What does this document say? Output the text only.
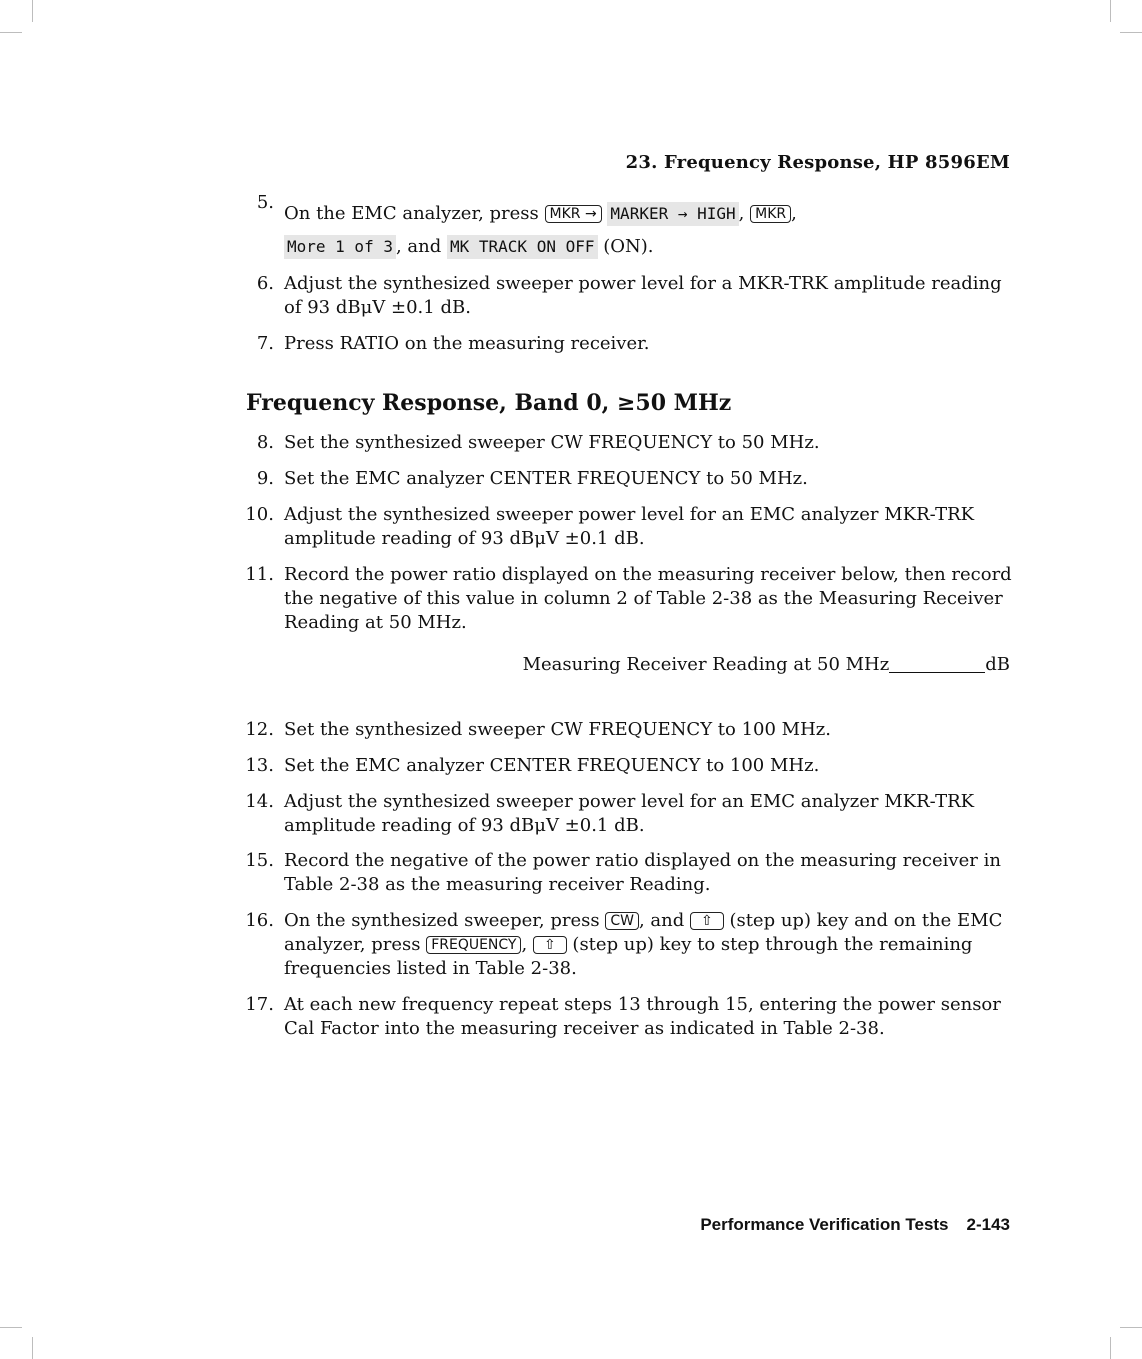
23. Frequency Response, HP 8596EM
5.
On the EMC analyzer, press MKR → MARKER → HIGH , MKR ,
More 1 of 3 , and MK TRACK ON OFF (ON).
6. Adjust the synthesized sweeper power level for a MKR-TRK amplitude reading of 93 dBμV ±0.1 dB.
7. Press RATIO on the measuring receiver.
Frequency Response, Band 0, ≥50 MHz
8. Set the synthesized sweeper CW FREQUENCY to 50 MHz.
9. Set the EMC analyzer CENTER FREQUENCY to 50 MHz.
10. Adjust the synthesized sweeper power level for an EMC analyzer MKR-TRK amplitude reading of 93 dBμV ±0.1 dB.
11. Record the power ratio displayed on the measuring receiver below, then record the negative of this value in column 2 of Table 2-38 as the Measuring Receiver Reading at 50 MHz.
Measuring Receiver Reading at 50 MHz	dB
12. Set the synthesized sweeper CW FREQUENCY to 100 MHz.
13. Set the EMC analyzer CENTER FREQUENCY to 100 MHz.
14. Adjust the synthesized sweeper power level for an EMC analyzer MKR-TRK amplitude reading of 93 dBμV ±0.1 dB.
15. Record the negative of the power ratio displayed on the measuring receiver in Table 2-38 as the measuring receiver Reading.
16. On the synthesized sweeper, press CW , and ⇧ (step up) key and on the EMC analyzer, press FREQUENCY , ⇧ (step up) key to step through the remaining frequencies listed in Table 2-38.
17. At each new frequency repeat steps 13 through 15, entering the power sensor Cal Factor into the measuring receiver as indicated in Table 2-38.
Performance Verification Tests 2-143
